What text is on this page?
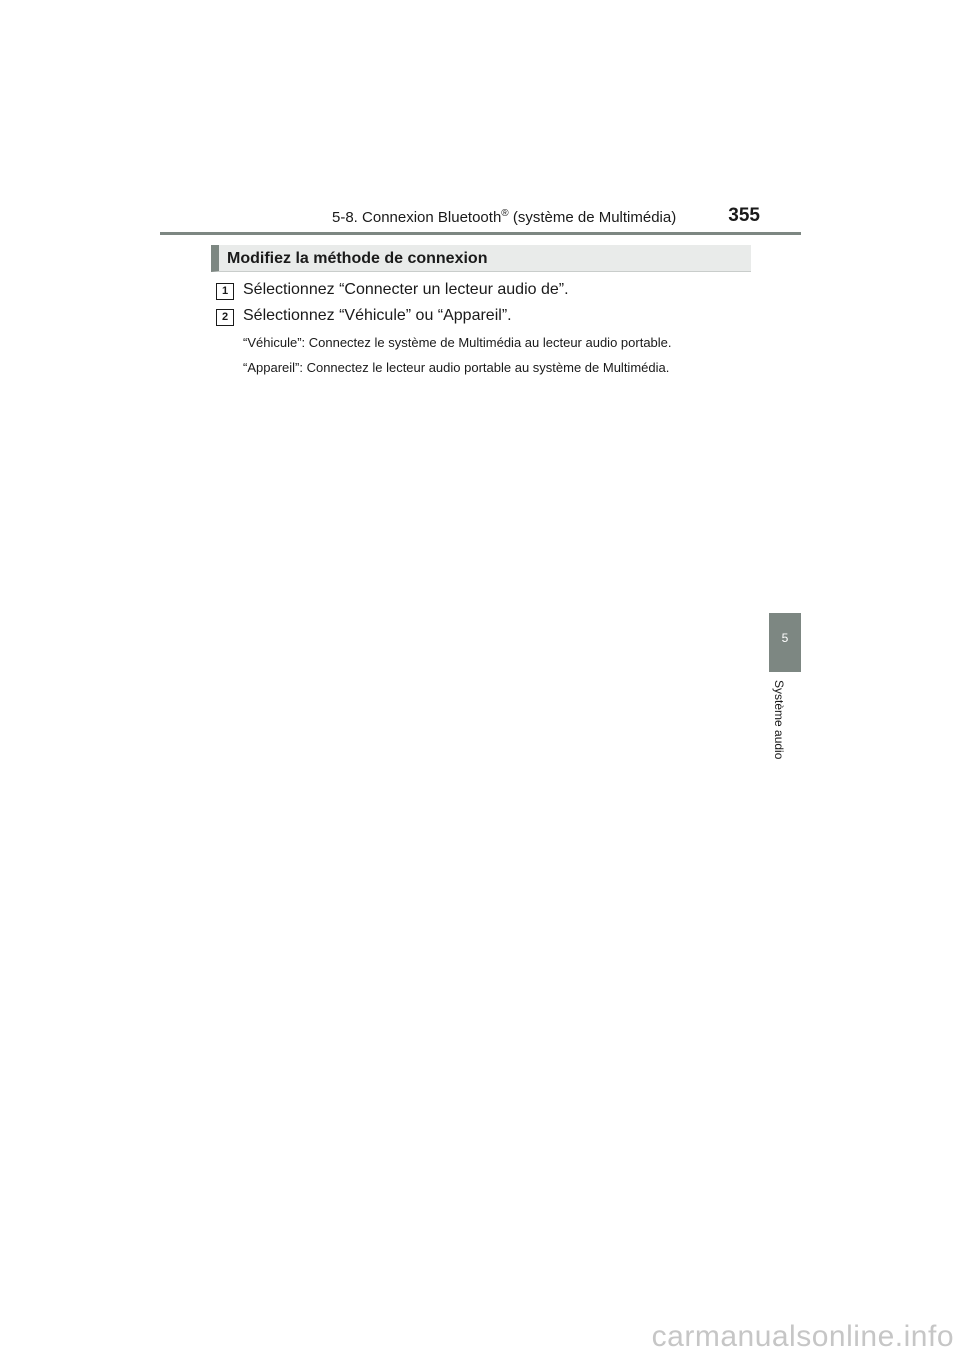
5-8. Connexion Bluetooth® (système de Multimédia)	355
Modifiez la méthode de connexion
1 Sélectionnez “Connecter un lecteur audio de”.
2 Sélectionnez “Véhicule” ou “Appareil”.
“Véhicule”: Connectez le système de Multimédia au lecteur audio portable.
“Appareil”: Connectez le lecteur audio portable au système de Multimédia.
5
Système audio
carmanualsonline.info
